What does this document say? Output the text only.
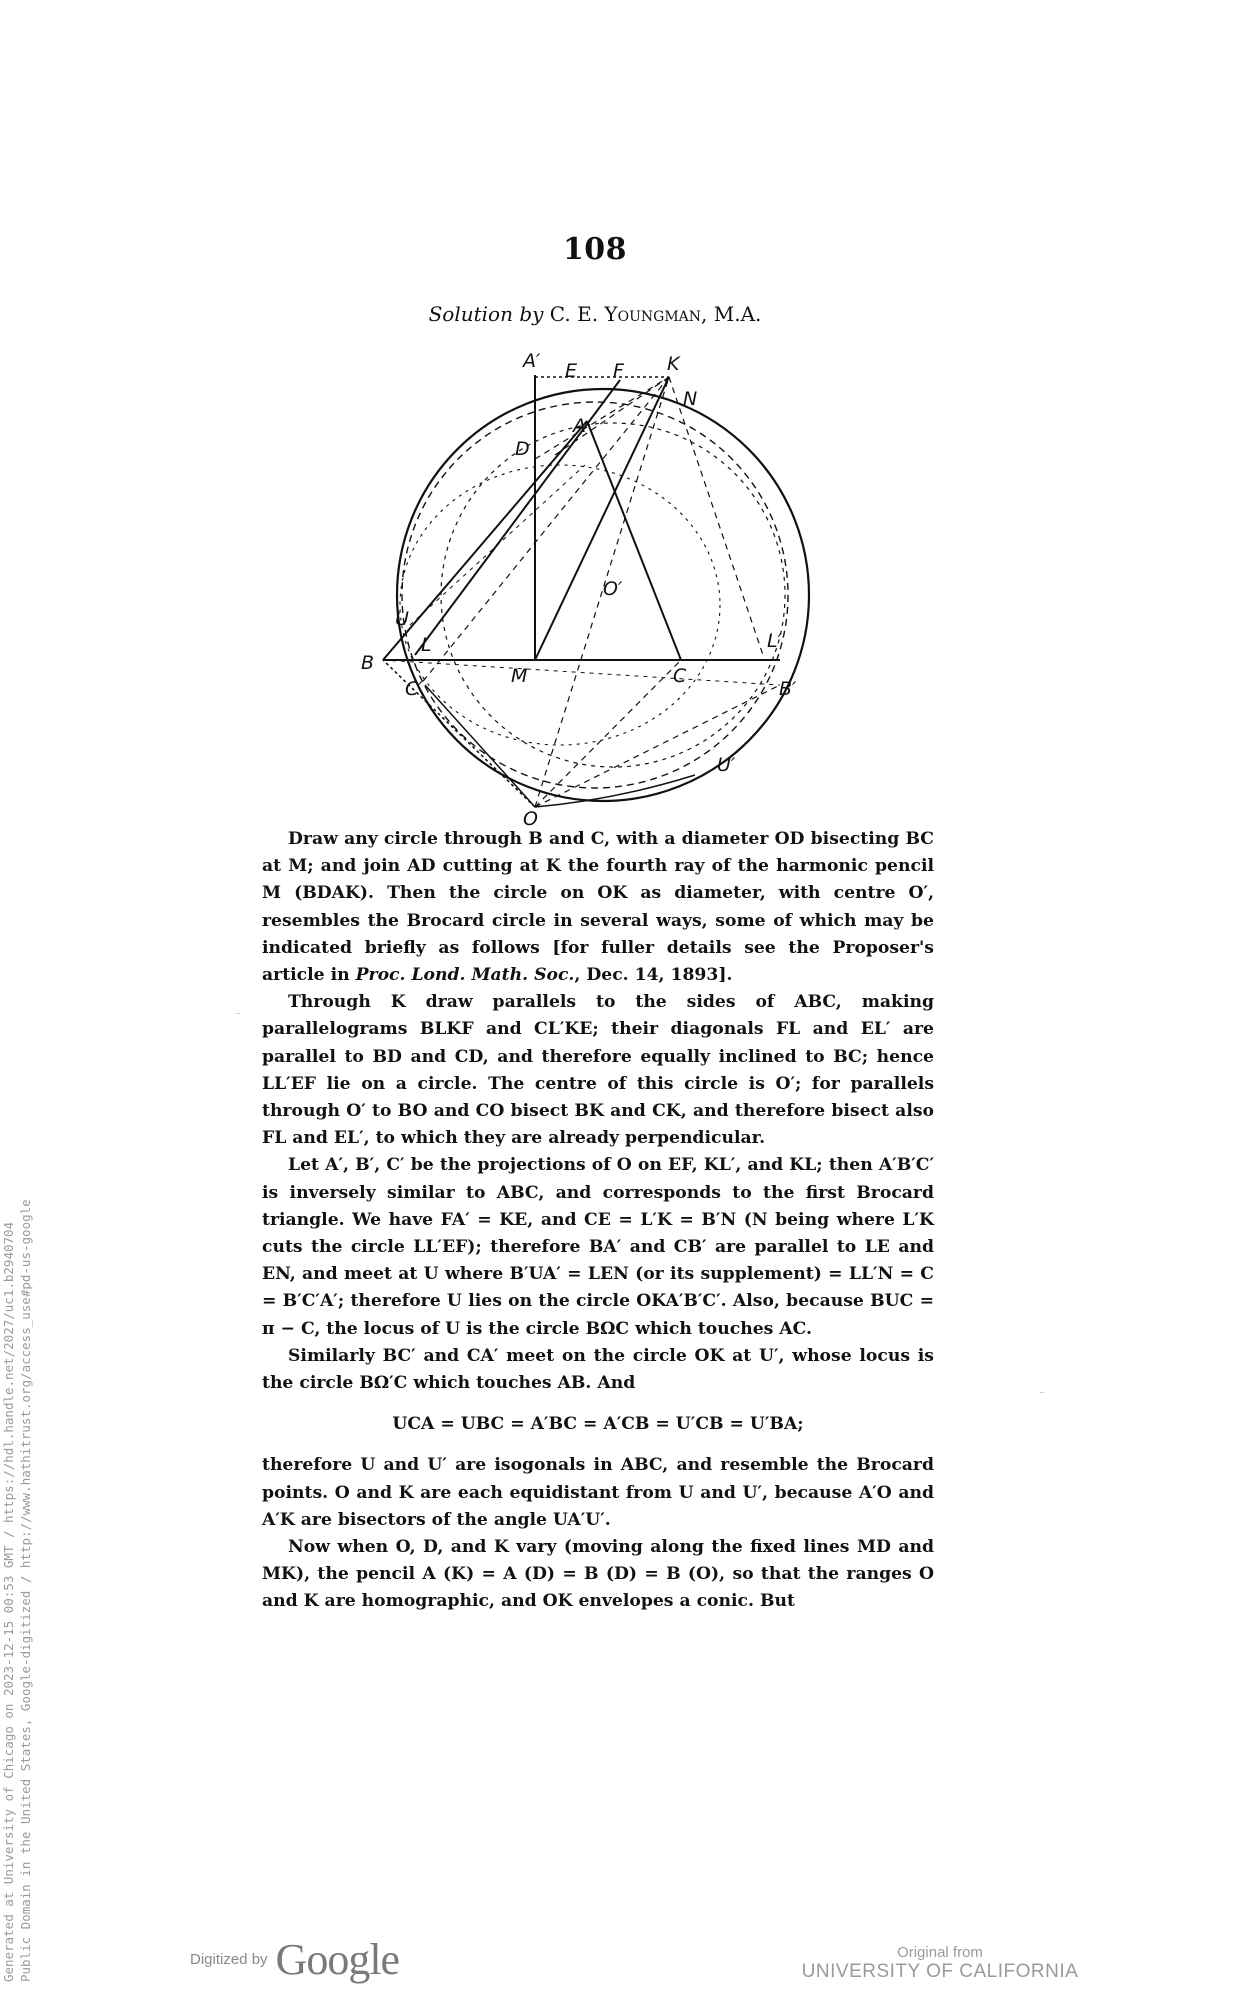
108
Solution by C. E. Youngman, M.A.
A′ E F K
N
A
D
O′
U
L	L′
B
C′
M	C
B′
U′
O

Draw any circle through B and C, with a diameter OD bisecting BC at M; and join AD cutting at K the fourth ray of the harmonic pencil M (BDAK). Then the circle on OK as diameter, with centre O′, resembles the Brocard circle in several ways, some of which may be indicated briefly as follows [for fuller details see the Proposer's article in Proc. Lond. Math. Soc., Dec. 14, 1893].

Through K draw parallels to the sides of ABC, making parallelograms BLKF and CL′KE; their diagonals FL and EL′ are parallel to BD and CD, and therefore equally inclined to BC; hence LL′EF lie on a circle. The centre of this circle is O′; for parallels through O′ to BO and CO bisect BK and CK, and therefore bisect also FL and EL′, to which they are already perpendicular.

Let A′, B′, C′ be the projections of O on EF, KL′, and KL; then A′B′C′ is inversely similar to ABC, and corresponds to the first Brocard triangle. We have FA′ = KE, and CE = L′K = B′N (N being where L′K cuts the circle LL′EF); therefore BA′ and CB′ are parallel to LE and EN, and meet at U where B′UA′ = LEN (or its supplement) = LL′N = C = B′C′A′; therefore U lies on the circle OKA′B′C′. Also, because BUC = π − C, the locus of U is the circle BΩC which touches AC.

Similarly BC′ and CA′ meet on the circle OK at U′, whose locus is the circle BΩ′C which touches AB. And

UCA = UBC = A′BC = A′CB = U′CB = U′BA;

therefore U and U′ are isogonals in ABC, and resemble the Brocard points. O and K are each equidistant from U and U′, because A′O and A′K are bisectors of the angle UA′U′.

Now when O, D, and K vary (moving along the fixed lines MD and MK), the pencil A (K) = A (D) = B (D) = B (O), so that the ranges O and K are homographic, and OK envelopes a conic. But

Generated at University of Chicago on 2023-12-15 00:53 GMT / https://hdl.handle.net/2027/uc1.b2940704 Public Domain in the United States, Google-digitized / http://www.hathitrust.org/access_use#pd-us-google	Digitized by Google	Original from
UNIVERSITY OF CALIFORNIA
